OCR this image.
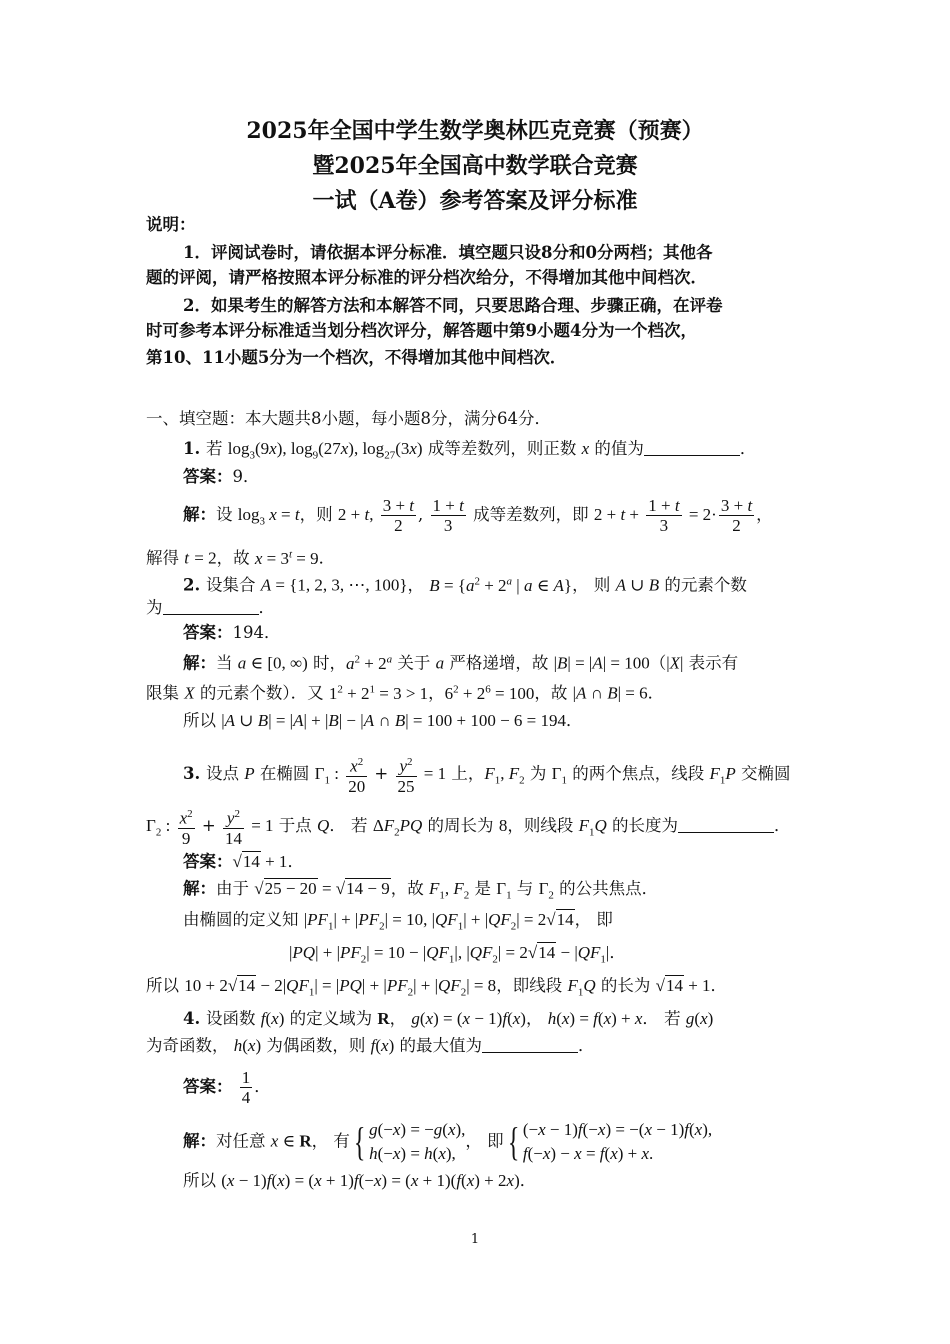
2025年全国中学生数学奥林匹克竞赛（预赛）
暨2025年全国高中数学联合竞赛
一试（A卷）参考答案及评分标准
说明：
1．评阅试卷时，请依据本评分标准．填空题只设8分和0分两档；其他各
题的评阅，请严格按照本评分标准的评分档次给分，不得增加其他中间档次．
2．如果考生的解答方法和本解答不同，只要思路合理、步骤正确，在评卷
时可参考本评分标准适当划分档次评分，解答题中第9小题4分为一个档次，
第10、11小题5分为一个档次，不得增加其他中间档次．
一、填空题：本大题共8小题，每小题8分，满分64分．
1. 若 $\log_3(9x)$, $\log_9(27x)$, $\log_{27}(3x)$ 成等差数列，则正数 x 的值为	．
答案：9．
解：设 $\log_3 x = t$，则 2 + t, $\frac{3 + t}{2}$ , $\frac{1 + t}{3}$ 成等差数列，即 $2 + t + \frac{1 + t}{3} = 2\cdot \frac{3 + t}{2}$ ，
解得 t = 2，故 $x = 3^t = 9$．
2. 设集合 A = {1, 2, 3, ⋯, 100}， $B = \{a^2 + 2^a$ | a ∈ A}， 则 A ∪ B 的元素个数
为	．
答案：194．
解：当 a ∈ [0, ∞) 时，$a^2 + 2^a$ 关于 a 严格递增，故 |B| = |A| = 100（|X| 表示有
限集 X 的元素个数）．又 $1^2 + 2^1 = 3 > 1$，$6^2 + 2^6 = 100$，故 |A ∩ B| = 6．
所以 |A ∪ B| = |A| + |B| − |A ∩ B| = 100 + 100 − 6 = 194．
3. 设点 P 在椭圆 $\Gamma_1$ : $\frac{x^2}{20} + \frac{y^2}{25} = 1$ 上，$F_1$, $F_2$ 为 $\Gamma_1$ 的两个焦点，线段 $F_1P$ 交椭圆
$\Gamma_2$ : $\frac{x^2}{9} + \frac{y^2}{14} = 1$ 于点 Q． 若 $\Delta F_2PQ$ 的周长为 8，则线段 $F_1Q$ 的长度为	．
答案：√14 + 1．
解：由于 √25 − 20 = √14 − 9，故 $F_1$, $F_2$ 是 $\Gamma_1$ 与 $\Gamma_2$ 的公共焦点．
由椭圆的定义知 $|PF_1| + |PF_2| = 10$, $|QF_1| + |QF_2| = 2√14$， 即
$|PQ| + |PF_2| = 10 - |QF_1|$, $|QF_2| = 2√14 - |QF_1|$．
所以 $10 + 2√14 - 2|QF_1| = |PQ| + |PF_2| + |QF_2| = 8$，即线段 $F_1Q$ 的长为 √14 + 1．
4. 设函数 f(x) 的定义域为 R， g(x) = (x − 1)f(x)， h(x) = f(x) + x． 若 g(x)
为奇函数， h(x) 为偶函数，则 f(x) 的最大值为	．
答案： $\frac{1}{4}$ ．
解：对任意 x ∈ R， 有{ g(−x) = −g(x),
h(−x) = h(x),
， 即{ (−x − 1)f(−x) = −(x − 1)f(x),
f(−x) − x = f(x) + x.
所以 (x − 1)f(x) = (x + 1)f(−x) = (x + 1)(f(x) + 2x)．
1
